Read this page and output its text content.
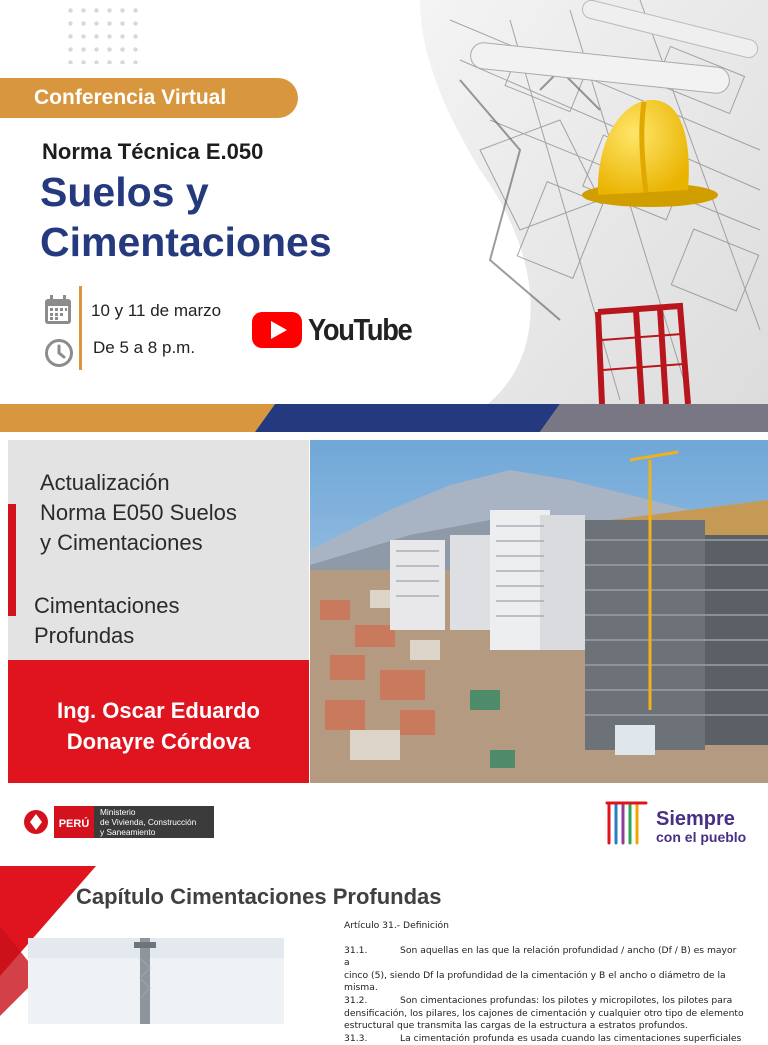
Conferencia Virtual
Norma Técnica E.050
Suelos y
Cimentaciones
10 y 11 de marzo
De 5 a 8 p.m.
YouTube
Actualización
Norma E050 Suelos
y Cimentaciones
Cimentaciones
Profundas
Ing. Oscar Eduardo
Donayre Córdova
PERÚ
Ministerio
de Vivienda, Construcción
y Saneamiento
Siempre
con el pueblo
Capítulo Cimentaciones Profundas

Artículo 31.- Definición

31.1.	Son aquellas en las que la relación profundidad / ancho (Df / B) es mayor a

cinco (5), siendo Df la profundidad de la cimentación y B el ancho o diámetro de la misma.

31.2.	Son cimentaciones profundas: los pilotes y micropilotes, los pilotes para

densificación, los pilares, los cajones de cimentación y cualquier otro tipo de elemento

estructural que transmita las cargas de la estructura a estratos profundos.

31.3.	La cimentación profunda es usada cuando las cimentaciones superficiales
